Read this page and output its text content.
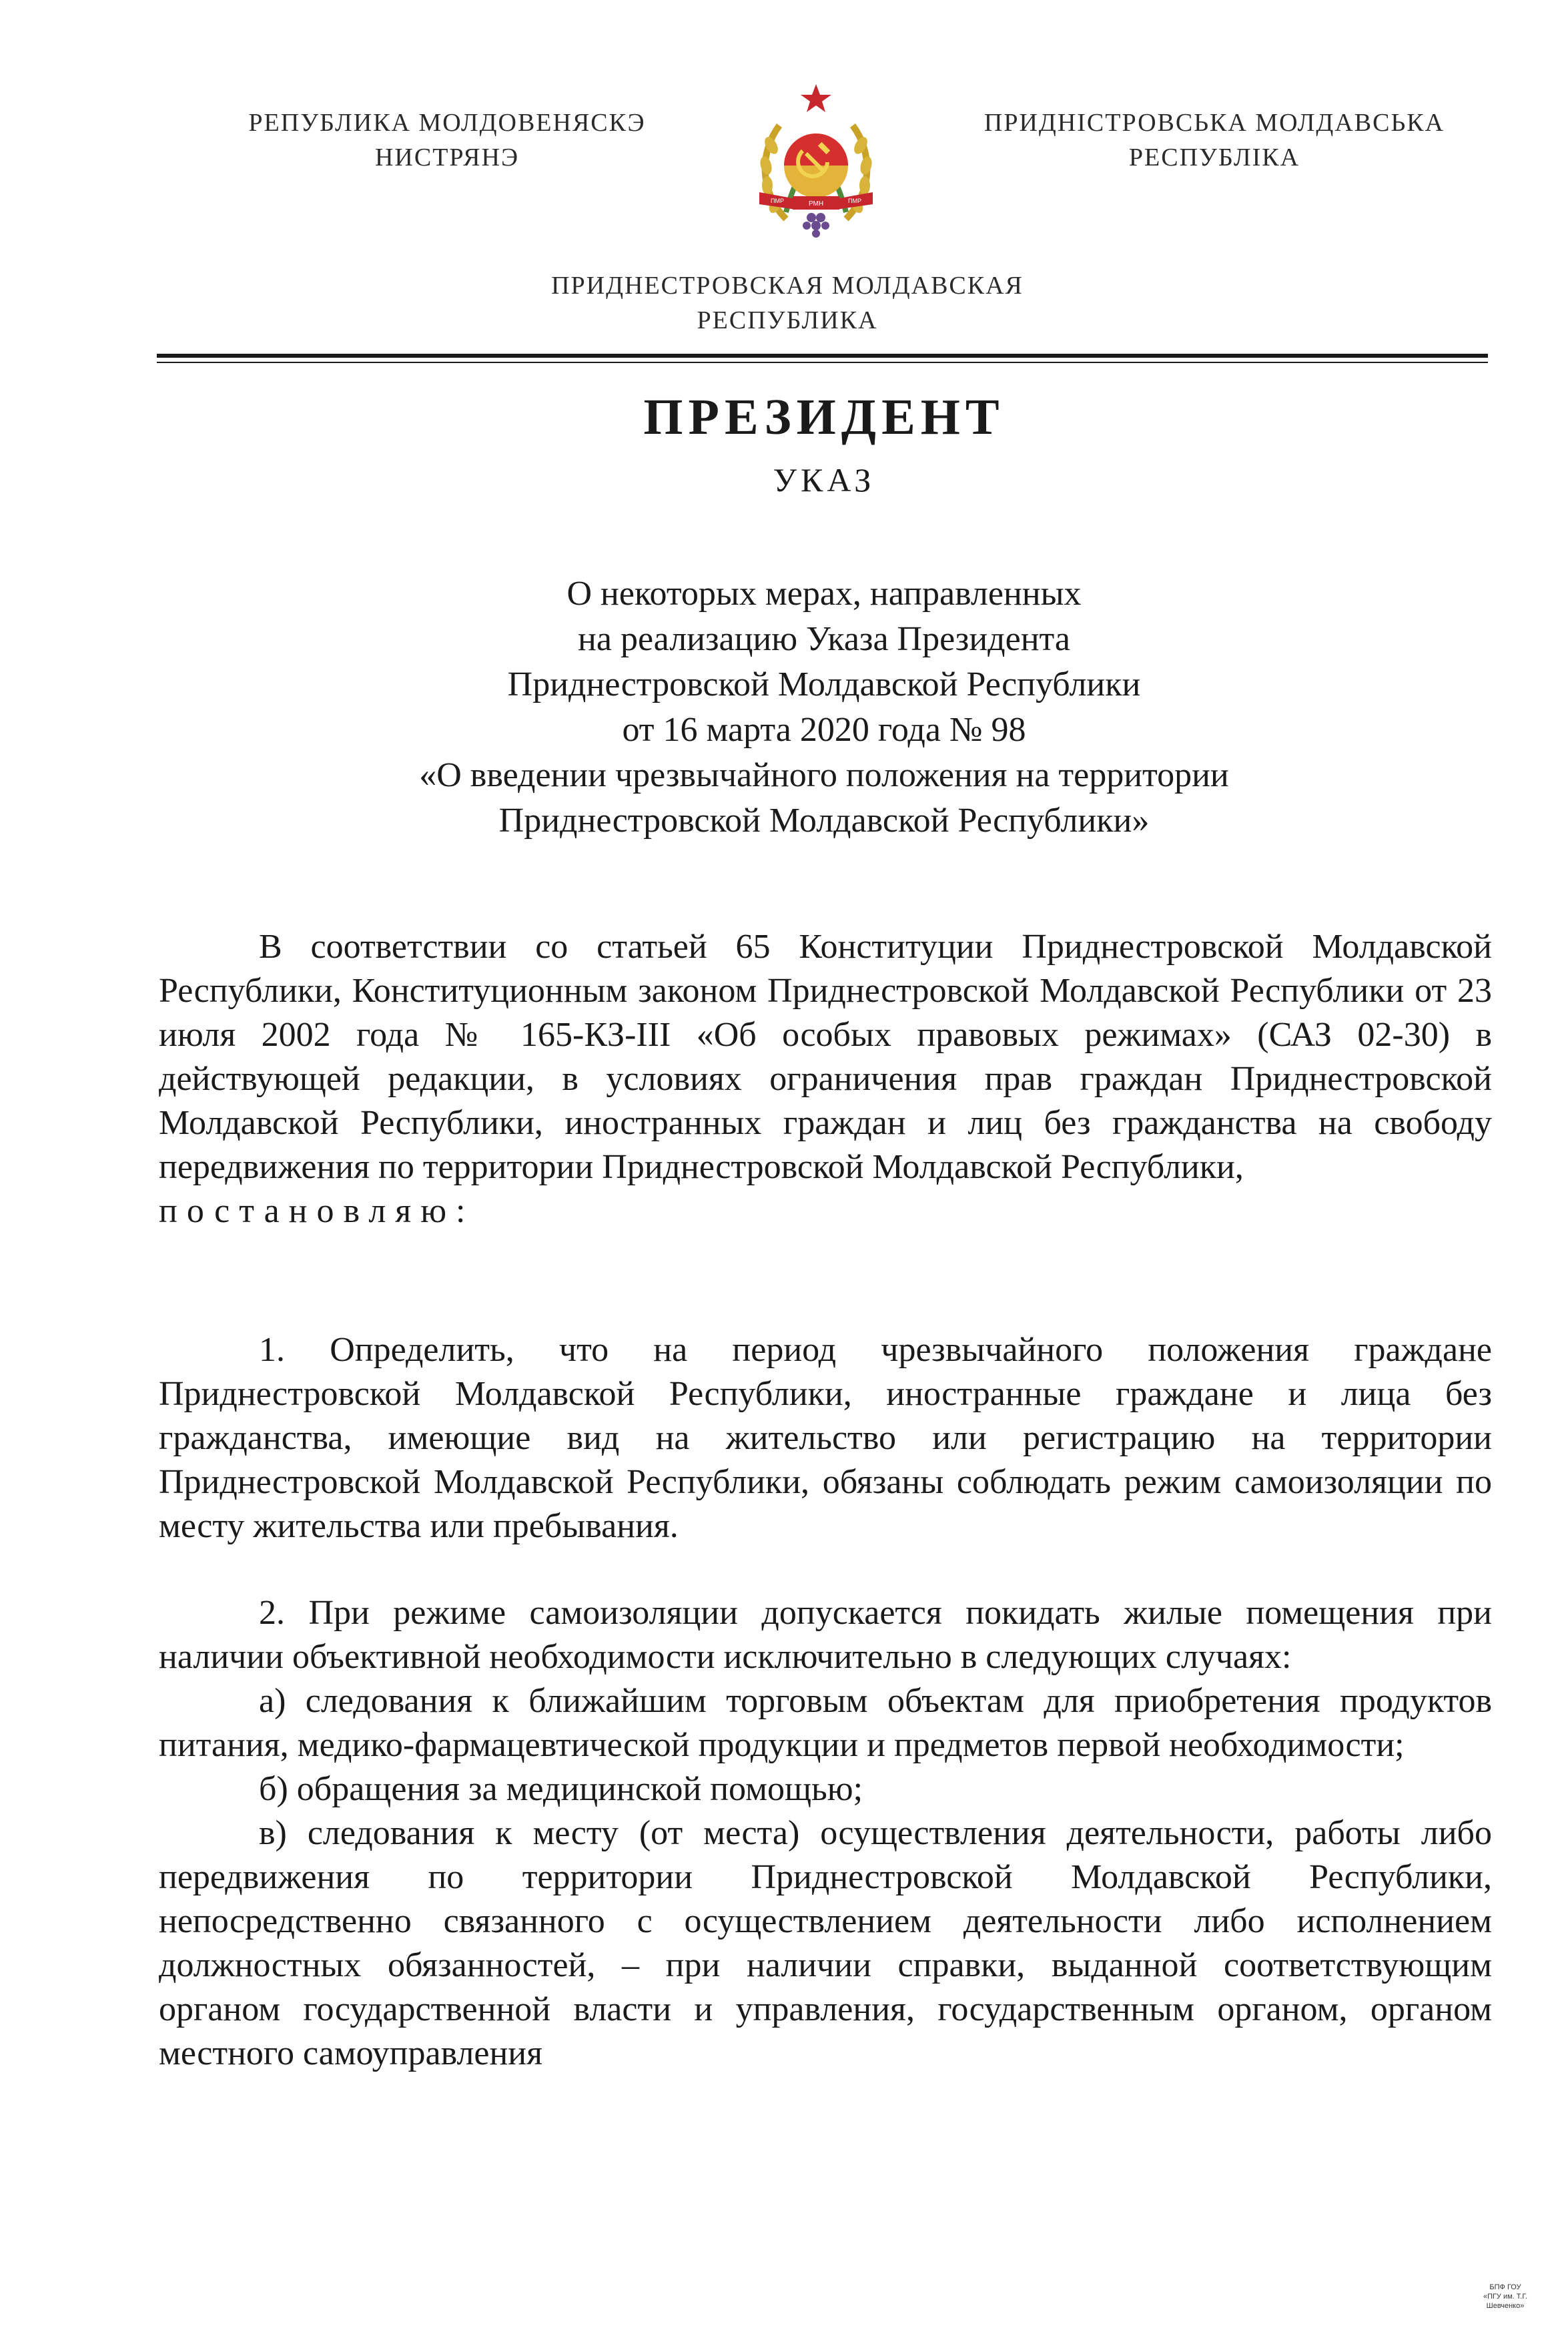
РЕПУБЛИКА МОЛДОВЕНЯСКЭ
НИСТРЯНЭ
ПМР	РМН	ПМР
ПРИДНІСТРОВСЬКА МОЛДАВСЬКА
РЕСПУБЛІКА
ПРИДНЕСТРОВСКАЯ МОЛДАВСКАЯ
РЕСПУБЛИКА
ПРЕЗИДЕНТ
УКАЗ
О некоторых мерах, направленных
на реализацию Указа Президента
Приднестровской Молдавской Республики
от 16 марта 2020 года № 98
«О введении чрезвычайного положения на территории
Приднестровской Молдавской Республики»
В соответствии со статьей 65 Конституции Приднестровской Молдавской Республики, Конституционным законом Приднестровской Молдавской Республики от 23 июля 2002 года № 165-КЗ-III «Об особых правовых режимах» (САЗ 02-30) в действующей редакции, в условиях ограничения прав граждан Приднестровской Молдавской Республики, иностранных граждан и лиц без гражданства на свободу передвижения по территории Приднестровской Молдавской Республики,
постановляю:
1. Определить, что на период чрезвычайного положения граждане Приднестровской Молдавской Республики, иностранные граждане и лица без гражданства, имеющие вид на жительство или регистрацию на территории Приднестровской Молдавской Республики, обязаны соблюдать режим самоизоляции по месту жительства или пребывания.
2. При режиме самоизоляции допускается покидать жилые помещения при наличии объективной необходимости исключительно в следующих случаях:
а) следования к ближайшим торговым объектам для приобретения продуктов питания, медико-фармацевтической продукции и предметов первой необходимости;
б) обращения за медицинской помощью;
в) следования к месту (от места) осуществления деятельности, работы либо передвижения по территории Приднестровской Молдавской Республики, непосредственно связанного с осуществлением деятельности либо исполнением должностных обязанностей, – при наличии справки, выданной соответствующим органом государственной власти и управления, государственным органом, органом местного самоуправления
БПФ ГОУ
«ПГУ им. Т.Г. Шевченко»
